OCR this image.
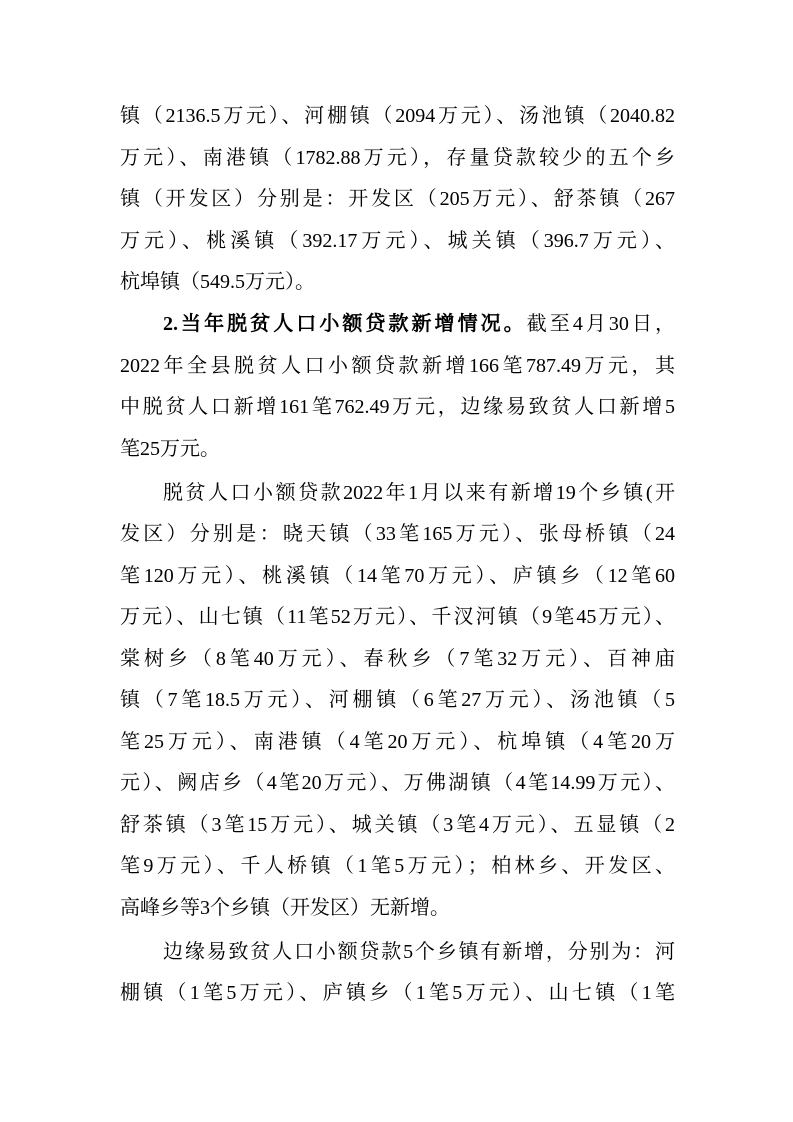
镇（2136.5万元）、河棚镇（2094万元）、汤池镇（2040.82
万元）、南港镇（1782.88万元），存量贷款较少的五个乡
镇（开发区）分别是：开发区（205万元）、舒茶镇（267
万元）、桃溪镇（392.17万元）、城关镇（396.7万元）、
杭埠镇（549.5万元）。
2.当年脱贫人口小额贷款新增情况。截至4月30日，
2022年全县脱贫人口小额贷款新增166笔787.49万元，其
中脱贫人口新增161笔762.49万元，边缘易致贫人口新增5
笔25万元。
脱贫人口小额贷款2022年1月以来有新增19个乡镇(开
发区）分别是：晓天镇（33笔165万元）、张母桥镇（24
笔120万元）、桃溪镇（14笔70万元）、庐镇乡（12笔60
万元）、山七镇（11笔52万元）、千汊河镇（9笔45万元）、
棠树乡（8笔40万元）、春秋乡（7笔32万元）、百神庙
镇（7笔18.5万元）、河棚镇（6笔27万元）、汤池镇（5
笔25万元）、南港镇（4笔20万元）、杭埠镇（4笔20万
元）、阙店乡（4笔20万元）、万佛湖镇（4笔14.99万元）、
舒茶镇（3笔15万元）、城关镇（3笔4万元）、五显镇（2
笔9万元）、千人桥镇（1笔5万元）；柏林乡、开发区、
高峰乡等3个乡镇（开发区）无新增。
边缘易致贫人口小额贷款5个乡镇有新增，分别为：河
棚镇（1笔5万元）、庐镇乡（1笔5万元）、山七镇（1笔
